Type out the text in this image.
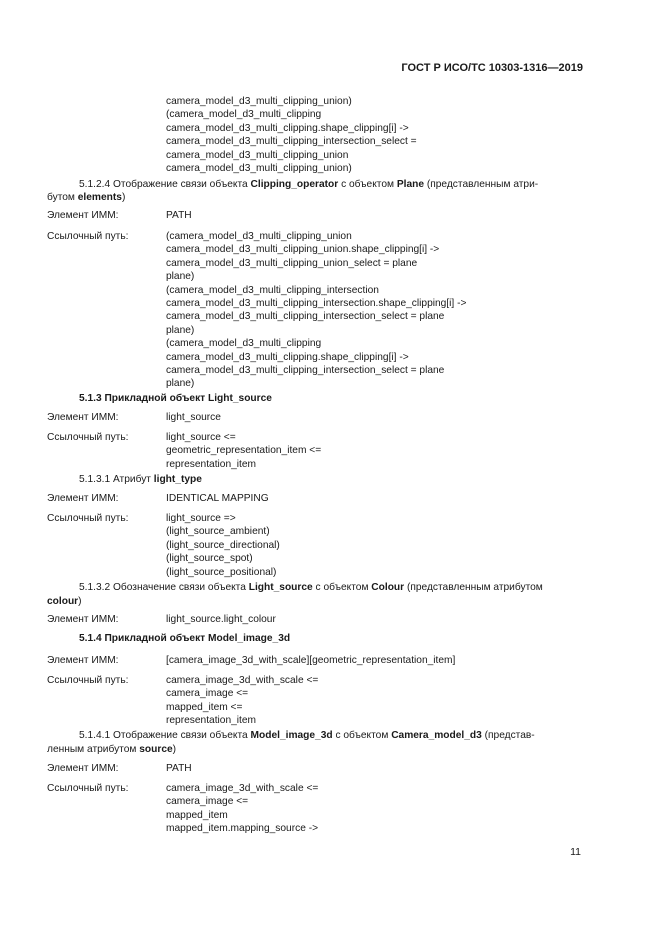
ГОСТ Р ИСО/ТС 10303-1316—2019
camera_model_d3_multi_clipping_union)
(camera_model_d3_multi_clipping
camera_model_d3_multi_clipping.shape_clipping[i] ->
camera_model_d3_multi_clipping_intersection_select =
camera_model_d3_multi_clipping_union
camera_model_d3_multi_clipping_union)
5.1.2.4 Отображение связи объекта Clipping_operator с объектом Plane (представленным атри-
бутом elements)
Элемент ИММ:	PATH
Ссылочный путь:	(camera_model_d3_multi_clipping_union
camera_model_d3_multi_clipping_union.shape_clipping[i] ->
camera_model_d3_multi_clipping_union_select = plane
plane)
(camera_model_d3_multi_clipping_intersection
camera_model_d3_multi_clipping_intersection.shape_clipping[i] ->
camera_model_d3_multi_clipping_intersection_select = plane
plane)
(camera_model_d3_multi_clipping
camera_model_d3_multi_clipping.shape_clipping[i] ->
camera_model_d3_multi_clipping_intersection_select = plane
plane)
5.1.3 Прикладной объект Light_source
Элемент ИММ:	light_source
Ссылочный путь:	light_source <=
geometric_representation_item <=
representation_item
5.1.3.1 Атрибут light_type
Элемент ИММ:	IDENTICAL MAPPING
Ссылочный путь:	light_source =>
(light_source_ambient)
(light_source_directional)
(light_source_spot)
(light_source_positional)
5.1.3.2 Обозначение связи объекта Light_source с объектом Colour (представленным атрибутом
colour)
Элемент ИММ:	light_source.light_colour
5.1.4 Прикладной объект Model_image_3d
Элемент ИММ:	[camera_image_3d_with_scale][geometric_representation_item]
Ссылочный путь:	camera_image_3d_with_scale <=
camera_image <=
mapped_item <=
representation_item
5.1.4.1 Отображение связи объекта Model_image_3d с объектом Camera_model_d3 (представ-
ленным атрибутом source)
Элемент ИММ:	PATH
Ссылочный путь:	camera_image_3d_with_scale <=
camera_image <=
mapped_item
mapped_item.mapping_source ->
11
